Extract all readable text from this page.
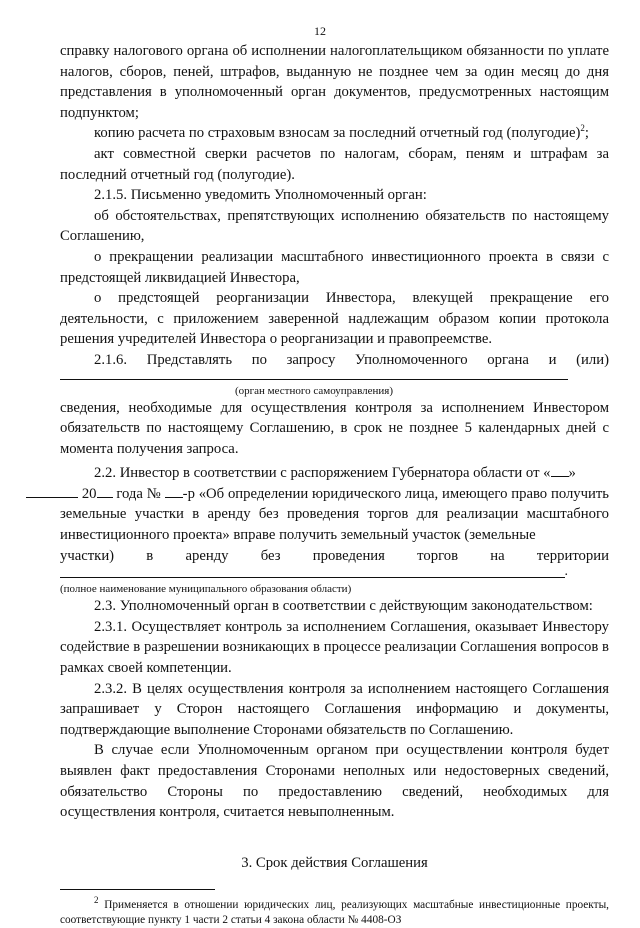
12

справку налогового органа об исполнении налогоплательщиком обязанности по уплате налогов, сборов, пеней, штрафов, выданную не позднее чем за один месяц до дня представления в уполномоченный орган документов, предусмотренных настоящим подпунктом;

копию расчета по страховым взносам за последний отчетный год (полугодие)$^2$;

акт совместной сверки расчетов по налогам, сборам, пеням и штрафам за последний отчетный год (полугодие).

2.1.5. Письменно уведомить Уполномоченный орган:

об обстоятельствах, препятствующих исполнению обязательств по настоящему Соглашению,

о прекращении реализации масштабного инвестиционного проекта в связи с предстоящей ликвидацией Инвестора,

о предстоящей реорганизации Инвестора, влекущей прекращение его деятельности, с приложением заверенной надлежащим образом копии протокола решения учредителей Инвестора о реорганизации и правопреемстве.

2.1.6. Представлять по запросу Уполномоченного органа и (или)
(орган местного самоуправления)

сведения, необходимые для осуществления контроля за исполнением Инвестором обязательств по настоящему Соглашению, в срок не позднее 5 календарных дней с момента получения запроса.

2.2. Инвестор в соответствии с распоряжением Губернатора области от « »
20 года № -р «Об определении юридического лица, имеющего право получить земельные участки в аренду без проведения торгов для реализации масштабного инвестиционного проекта» вправе получить земельный участок (земельные

участки) в аренду без проведения торгов на территории
.
(полное наименование муниципального образования области)

2.3. Уполномоченный орган в соответствии с действующим законодательством:

2.3.1. Осуществляет контроль за исполнением Соглашения, оказывает Инвестору содействие в разрешении возникающих в процессе реализации Соглашения вопросов в рамках своей компетенции.

2.3.2. В целях осуществления контроля за исполнением настоящего Соглашения запрашивает у Сторон настоящего Соглашения информацию и документы, подтверждающие выполнение Сторонами обязательств по Соглашению.

В случае если Уполномоченным органом при осуществлении контроля будет выявлен факт предоставления Сторонами неполных или недостоверных сведений, обязательство Стороны по предоставлению сведений, необходимых для осуществления контроля, считается невыполненным.

3. Срок действия Соглашения

$^2$ Применяется в отношении юридических лиц, реализующих масштабные инвестиционные проекты, соответствующие пункту 1 части 2 статьи 4 закона области № 4408-ОЗ
